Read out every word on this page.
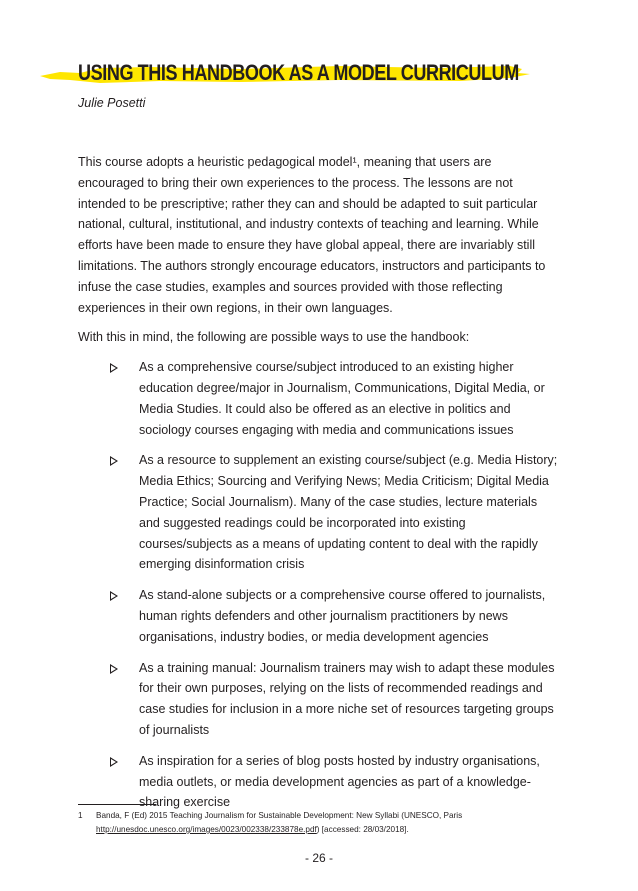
USING THIS HANDBOOK AS A MODEL CURRICULUM
Julie Posetti

This course adopts a heuristic pedagogical model¹, meaning that users are encouraged to bring their own experiences to the process. The lessons are not intended to be prescriptive; rather they can and should be adapted to suit particular national, cultural, institutional, and industry contexts of teaching and learning. While efforts have been made to ensure they have global appeal, there are invariably still limitations. The authors strongly encourage educators, instructors and participants to infuse the case studies, examples and sources provided with those reflecting experiences in their own regions, in their own languages.

With this in mind, the following are possible ways to use the handbook:

As a comprehensive course/subject introduced to an existing higher education degree/major in Journalism, Communications, Digital Media, or Media Studies. It could also be offered as an elective in politics and sociology courses engaging with media and communications issues
As a resource to supplement an existing course/subject (e.g. Media History; Media Ethics; Sourcing and Verifying News; Media Criticism; Digital Media Practice; Social Journalism). Many of the case studies, lecture materials and suggested readings could be incorporated into existing courses/subjects as a means of updating content to deal with the rapidly emerging disinformation crisis
As stand-alone subjects or a comprehensive course offered to journalists, human rights defenders and other journalism practitioners by news organisations, industry bodies, or media development agencies
As a training manual: Journalism trainers may wish to adapt these modules for their own purposes, relying on the lists of recommended readings and case studies for inclusion in a more niche set of resources targeting groups of journalists
As inspiration for a series of blog posts hosted by industry organisations, media outlets, or media development agencies as part of a knowledge-sharing exercise
1 Banda, F (Ed) 2015 Teaching Journalism for Sustainable Development: New Syllabi (UNESCO, Paris http://unesdoc.unesco.org/images/0023/002338/233878e.pdf) [accessed: 28/03/2018].
- 26 -
